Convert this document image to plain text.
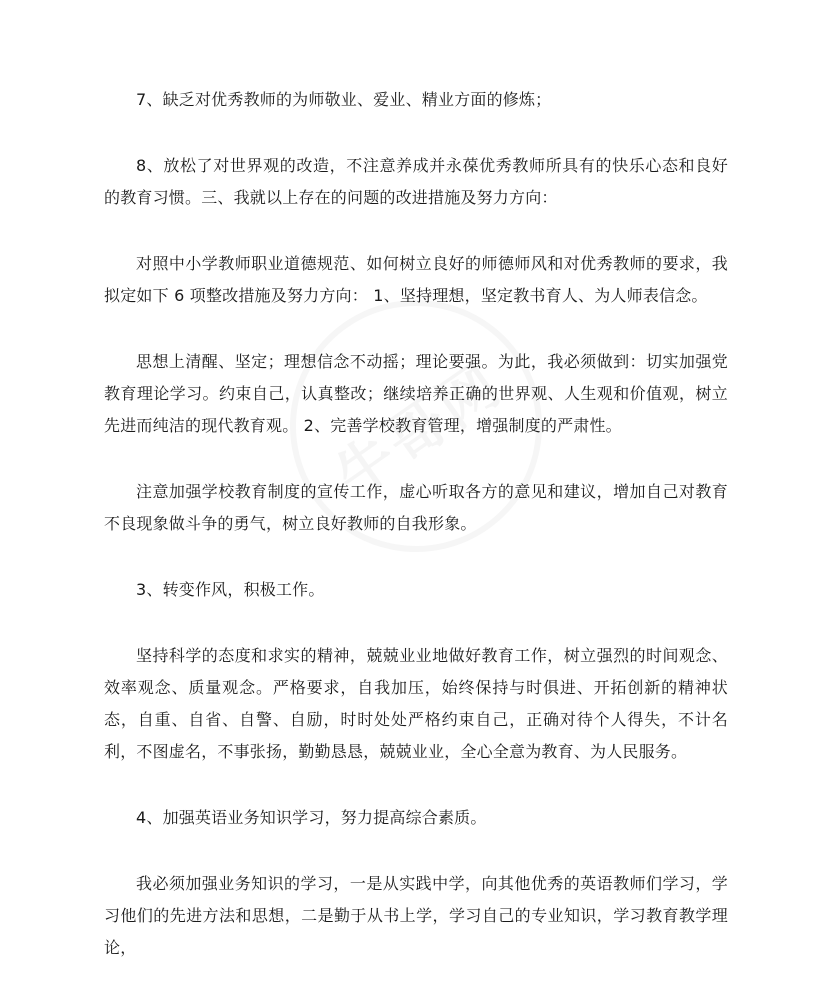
7、缺乏对优秀教师的为师敬业、爱业、精业方面的修炼；

8、放松了对世界观的改造，不注意养成并永葆优秀教师所具有的快乐心态和良好的教育习惯。三、我就以上存在的问题的改进措施及努力方向：

对照中小学教师职业道德规范、如何树立良好的师德师风和对优秀教师的要求，我拟定如下 6 项整改措施及努力方向： 1、坚持理想，坚定教书育人、为人师表信念。

思想上清醒、坚定；理想信念不动摇；理论要强。为此，我必须做到：切实加强党教育理论学习。约束自己，认真整改；继续培养正确的世界观、人生观和价值观，树立先进而纯洁的现代教育观。 2、完善学校教育管理，增强制度的严肃性。

注意加强学校教育制度的宣传工作，虚心听取各方的意见和建议，增加自己对教育不良现象做斗争的勇气，树立良好教师的自我形象。

3、转变作风，积极工作。

坚持科学的态度和求实的精神，兢兢业业地做好教育工作，树立强烈的时间观念、效率观念、质量观念。严格要求，自我加压，始终保持与时俱进、开拓创新的精神状态，自重、自省、自警、自励，时时处处严格约束自己，正确对待个人得失，不计名利，不图虚名，不事张扬，勤勤恳恳，兢兢业业，全心全意为教育、为人民服务。

4、加强英语业务知识学习，努力提高综合素质。

我必须加强业务知识的学习，一是从实践中学，向其他优秀的英语教师们学习，学习他们的先进方法和思想，二是勤于从书上学，学习自己的专业知识，学习教育教学理论，
